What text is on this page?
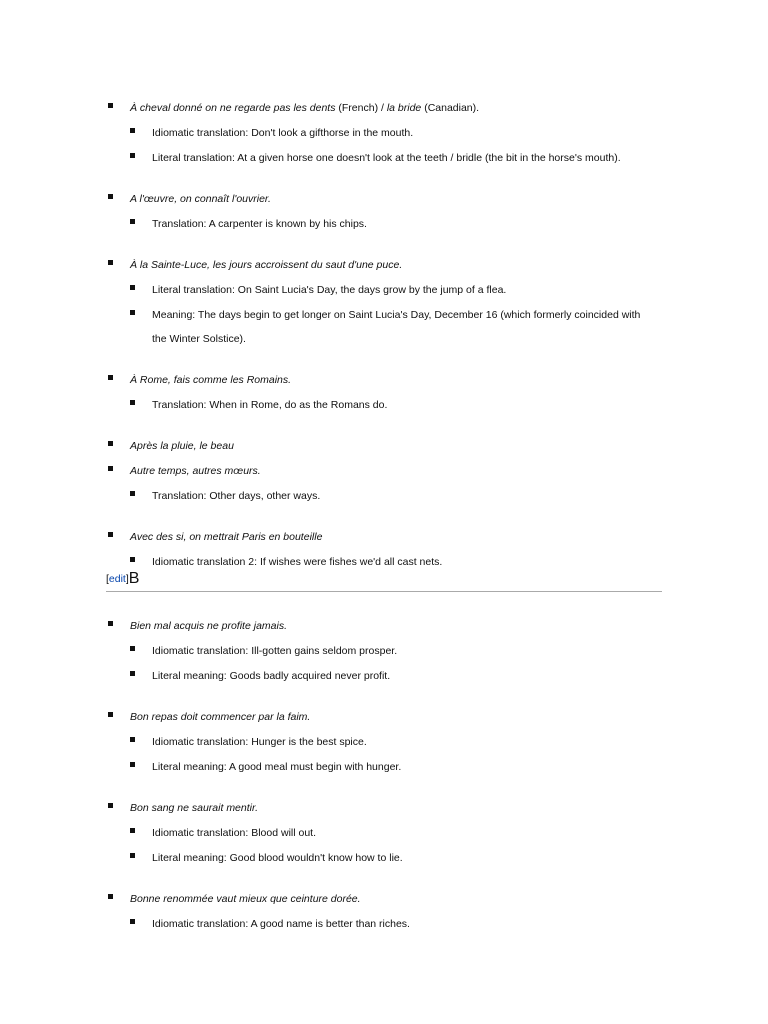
À cheval donné on ne regarde pas les dents (French) / la bride (Canadian).
Idiomatic translation: Don't look a gifthorse in the mouth.
Literal translation: At a given horse one doesn't look at the teeth / bridle (the bit in the horse's mouth).
A l'œuvre, on connaît l'ouvrier.
Translation: A carpenter is known by his chips.
À la Sainte-Luce, les jours accroissent du saut d'une puce.
Literal translation: On Saint Lucia's Day, the days grow by the jump of a flea.
Meaning: The days begin to get longer on Saint Lucia's Day, December 16 (which formerly coincided with
the Winter Solstice).
À Rome, fais comme les Romains.
Translation: When in Rome, do as the Romans do.
Après la pluie, le beau
Autre temps, autres mœurs.
Translation: Other days, other ways.
Avec des si, on mettrait Paris en bouteille
Idiomatic translation 2: If wishes were fishes we'd all cast nets.
[edit]B
Bien mal acquis ne profite jamais.
Idiomatic translation: Ill-gotten gains seldom prosper.
Literal meaning: Goods badly acquired never profit.
Bon repas doit commencer par la faim.
Idiomatic translation: Hunger is the best spice.
Literal meaning: A good meal must begin with hunger.
Bon sang ne saurait mentir.
Idiomatic translation: Blood will out.
Literal meaning: Good blood wouldn't know how to lie.
Bonne renommée vaut mieux que ceinture dorée.
Idiomatic translation: A good name is better than riches.
